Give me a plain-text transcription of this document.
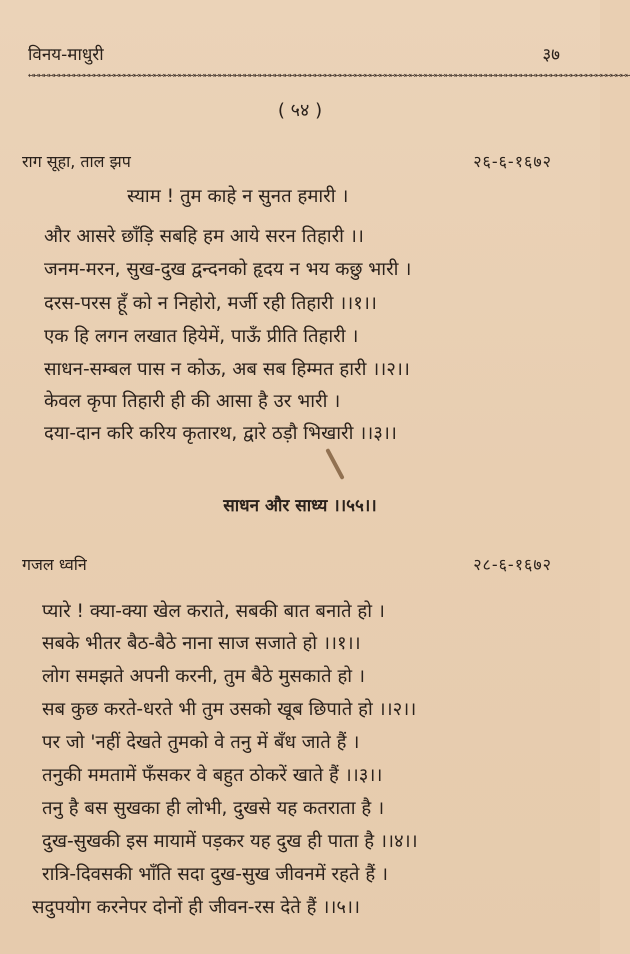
विनय-माधुरी	३७
↢↢↢↢↢↢↢↢↢↢↢↢↢↢↢↢↢↢↢↢↢↢↢↢↢↢↢↢↢↢↢↢↢↢↢↢↢↢↢↢↢↢↢↢↢↢↢↢↢↢↢↢↢↢↢↢↢↢↢↢↢↢↢↢↢↢↢↢↢↢↢↢↢↢↢↢↢↢↢↢↢↢↢↢↢↢↢↢↢↢↢↢↢↢↢↢↢↢↢↢↢↢↢↢↢↢↢↢↢↢↢↢↢↢↢↢↢↢↢↢
( ५४ )
राग सूहा, ताल झप	२६-६-१६७२
स्याम ! तुम काहे न सुनत हमारी ।
और आसरे छाँड़ि सबहि हम आये सरन तिहारी ।।
जनम-मरन, सुख-दुख द्वन्दनको हृदय न भय कछु भारी ।
दरस-परस हूँ को न निहोरो, मर्जी रही तिहारी ।।१।।
एक हि लगन लखात हियेमें, पाऊँ प्रीति तिहारी ।
साधन-सम्बल पास न कोऊ, अब सब हिम्मत हारी ।।२।।
केवल कृपा तिहारी ही की आसा है उर भारी ।
दया-दान करि करिय कृतारथ, द्वारे ठड़ौ भिखारी ।।३।।
साधन और साध्य ।।५५।।
गजल ध्वनि	२८-६-१६७२
प्यारे ! क्या-क्या खेल कराते, सबकी बात बनाते हो ।
सबके भीतर बैठ-बैठे नाना साज सजाते हो ।।१।।
लोग समझते अपनी करनी, तुम बैठे मुसकाते हो ।
सब कुछ करते-धरते भी तुम उसको खूब छिपाते हो ।।२।।
पर जो 'नहीं देखते तुमको वे तनु में बँध जाते हैं ।
तनुकी ममतामें फँसकर वे बहुत ठोकरें खाते हैं ।।३।।
तनु है बस सुखका ही लोभी, दुखसे यह कतराता है ।
दुख-सुखकी इस मायामें पड़कर यह दुख ही पाता है ।।४।।
रात्रि-दिवसकी भाँति सदा दुख-सुख जीवनमें रहते हैं ।
सदुपयोग करनेपर दोनों ही जीवन-रस देते हैं ।।५।।
